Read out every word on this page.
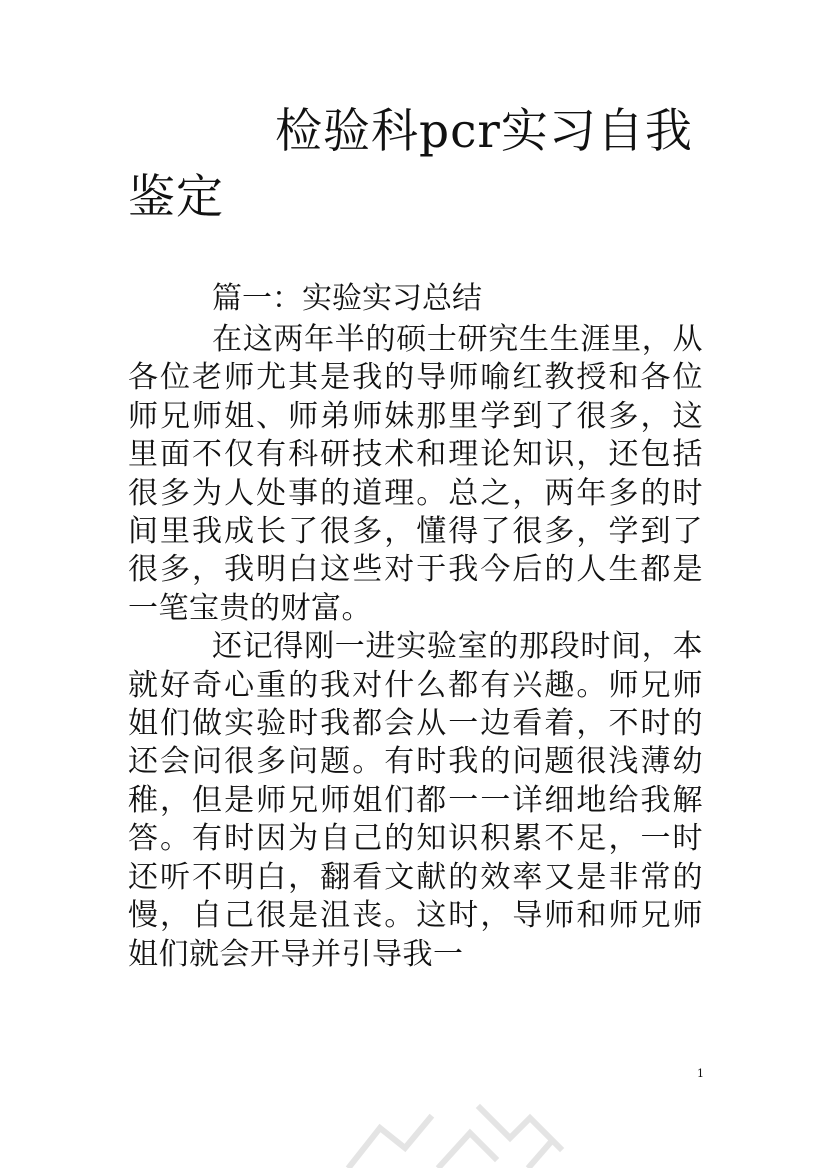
检验科pcr实习自我
鉴定
篇一：实验实习总结

在这两年半的硕士研究生生涯里，从各位老师尤其是我的导师喻红教授和各位师兄师姐、师弟师妹那里学到了很多，这里面不仅有科研技术和理论知识，还包括很多为人处事的道理。总之，两年多的时间里我成长了很多，懂得了很多，学到了很多，我明白这些对于我今后的人生都是一笔宝贵的财富。

还记得刚一进实验室的那段时间，本就好奇心重的我对什么都有兴趣。师兄师姐们做实验时我都会从一边看着，不时的还会问很多问题。有时我的问题很浅薄幼稚，但是师兄师姐们都一一详细地给我解答。有时因为自己的知识积累不足，一时还听不明白，翻看文献的效率又是非常的慢，自己很是沮丧。这时，导师和师兄师姐们就会开导并引导我一

1
